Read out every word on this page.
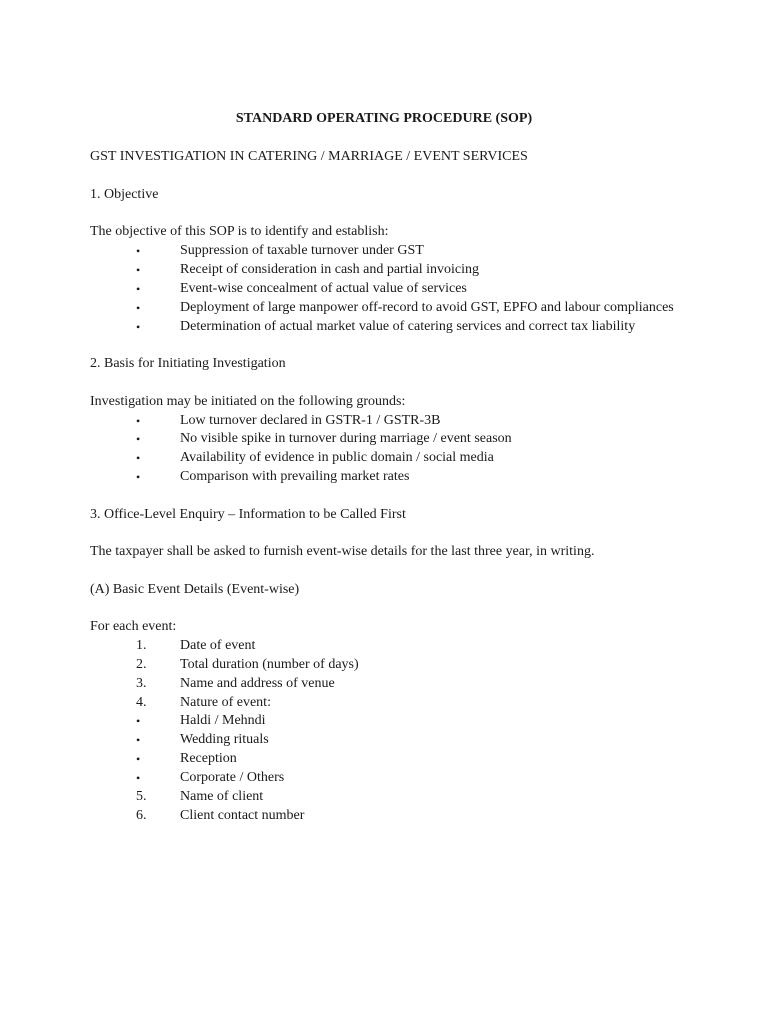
STANDARD OPERATING PROCEDURE (SOP)
GST INVESTIGATION IN CATERING / MARRIAGE / EVENT SERVICES
1. Objective
The objective of this SOP is to identify and establish:
•	Suppression of taxable turnover under GST
•	Receipt of consideration in cash and partial invoicing
•	Event-wise concealment of actual value of services
•	Deployment of large manpower off-record to avoid GST, EPFO and labour compliances
•	Determination of actual market value of catering services and correct tax liability
2. Basis for Initiating Investigation
Investigation may be initiated on the following grounds:
•	Low turnover declared in GSTR-1 / GSTR-3B
•	No visible spike in turnover during marriage / event season
•	Availability of evidence in public domain / social media
•	Comparison with prevailing market rates
3. Office-Level Enquiry – Information to be Called First
The taxpayer shall be asked to furnish event-wise details for the last three year, in writing.
(A) Basic Event Details (Event-wise)
For each event:
1.	Date of event
2.	Total duration (number of days)
3.	Name and address of venue
4.	Nature of event:
•	Haldi / Mehndi
•	Wedding rituals
•	Reception
•	Corporate / Others
5.	Name of client
6.	Client contact number
